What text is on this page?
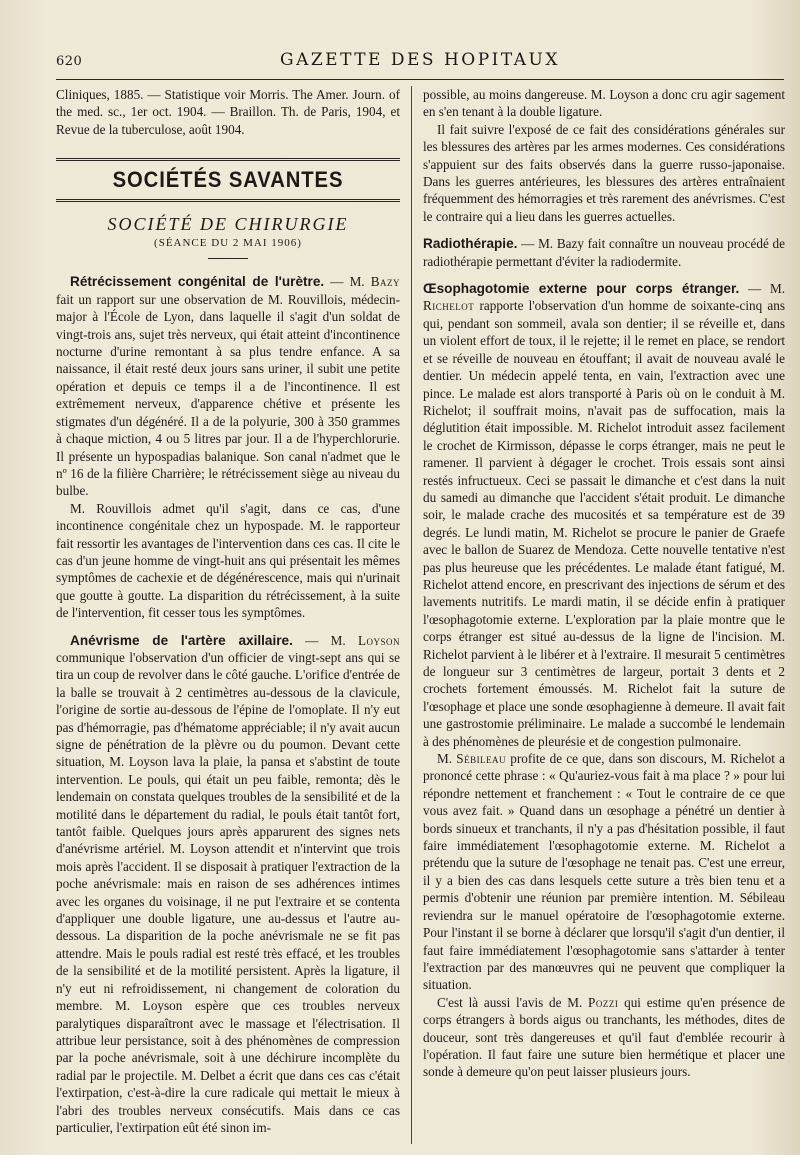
620	GAZETTE DES HOPITAUX

Cliniques, 1885. — Statistique voir Morris. The Amer. Journ. of the med. sc., 1er oct. 1904. — Braillon. Th. de Paris, 1904, et Revue de la tuberculose, août 1904.

SOCIÉTÉS SAVANTES
SOCIÉTÉ DE CHIRURGIE
(SÉANCE DU 2 MAI 1906)

Rétrécissement congénital de l'urètre. — M. Bazy fait un rapport sur une observation de M. Rouvillois, médecin-major à l'École de Lyon, dans laquelle il s'agit d'un soldat de vingt-trois ans, sujet très nerveux, qui était atteint d'incontinence nocturne d'urine remontant à sa plus tendre enfance. A sa naissance, il était resté deux jours sans uriner, il subit une petite opération et depuis ce temps il a de l'incontinence. Il est extrêmement nerveux, d'apparence chétive et présente les stigmates d'un dégénéré. Il a de la polyurie, 300 à 350 grammes à chaque miction, 4 ou 5 litres par jour. Il a de l'hyperchlorurie. Il présente un hypospadias balanique. Son canal n'admet que le nº 16 de la filière Charrière; le rétrécissement siège au niveau du bulbe.

M. Rouvillois admet qu'il s'agit, dans ce cas, d'une incontinence congénitale chez un hypospade. M. le rapporteur fait ressortir les avantages de l'intervention dans ces cas. Il cite le cas d'un jeune homme de vingt-huit ans qui présentait les mêmes symptômes de cachexie et de dégénérescence, mais qui n'urinait que goutte à goutte. La disparition du rétrécissement, à la suite de l'intervention, fit cesser tous les symptômes.

Anévrisme de l'artère axillaire. — M. Loyson communique l'observation d'un officier de vingt-sept ans qui se tira un coup de revolver dans le côté gauche. L'orifice d'entrée de la balle se trouvait à 2 centimètres au-dessous de la clavicule, l'origine de sortie au-dessous de l'épine de l'omoplate. Il n'y eut pas d'hémorragie, pas d'hématome appréciable; il n'y avait aucun signe de pénétration de la plèvre ou du poumon. Devant cette situation, M. Loyson lava la plaie, la pansa et s'abstint de toute intervention. Le pouls, qui était un peu faible, remonta; dès le lendemain on constata quelques troubles de la sensibilité et de la motilité dans le département du radial, le pouls était tantôt fort, tantôt faible. Quelques jours après apparurent des signes nets d'anévrisme artériel. M. Loyson attendit et n'intervint que trois mois après l'accident. Il se disposait à pratiquer l'extraction de la poche anévrismale: mais en raison de ses adhérences intimes avec les organes du voisinage, il ne put l'extraire et se contenta d'appliquer une double ligature, une au-dessus et l'autre au-dessous. La disparition de la poche anévrismale ne se fit pas attendre. Mais le pouls radial est resté très effacé, et les troubles de la sensibilité et de la motilité persistent. Après la ligature, il n'y eut ni refroidissement, ni changement de coloration du membre. M. Loyson espère que ces troubles nerveux paralytiques disparaîtront avec le massage et l'électrisation. Il attribue leur persistance, soit à des phénomènes de compression par la poche anévrismale, soit à une déchirure incomplète du radial par le projectile. M. Delbet a écrit que dans ces cas c'était l'extirpation, c'est-à-dire la cure radicale qui mettait le mieux à l'abri des troubles nerveux consécutifs. Mais dans ce cas particulier, l'extirpation eût été sinon im-

possible, au moins dangereuse. M. Loyson a donc cru agir sagement en s'en tenant à la double ligature.

Il fait suivre l'exposé de ce fait des considérations générales sur les blessures des artères par les armes modernes. Ces considérations s'appuient sur des faits observés dans la guerre russo-japonaise. Dans les guerres antérieures, les blessures des artères entraînaient fréquemment des hémorragies et très rarement des anévrismes. C'est le contraire qui a lieu dans les guerres actuelles.

Radiothérapie. — M. Bazy fait connaître un nouveau procédé de radiothérapie permettant d'éviter la radiodermite.

Œsophagotomie externe pour corps étranger. — M. Richelot rapporte l'observation d'un homme de soixante-cinq ans qui, pendant son sommeil, avala son dentier; il se réveille et, dans un violent effort de toux, il le rejette; il le remet en place, se rendort et se réveille de nouveau en étouffant; il avait de nouveau avalé le dentier. Un médecin appelé tenta, en vain, l'extraction avec une pince. Le malade est alors transporté à Paris où on le conduit à M. Richelot; il souffrait moins, n'avait pas de suffocation, mais la déglutition était impossible. M. Richelot introduit assez facilement le crochet de Kirmisson, dépasse le corps étranger, mais ne peut le ramener. Il parvient à dégager le crochet. Trois essais sont ainsi restés infructueux. Ceci se passait le dimanche et c'est dans la nuit du samedi au dimanche que l'accident s'était produit. Le dimanche soir, le malade crache des mucosités et sa température est de 39 degrés. Le lundi matin, M. Richelot se procure le panier de Graefe avec le ballon de Suarez de Mendoza. Cette nouvelle tentative n'est pas plus heureuse que les précédentes. Le malade étant fatigué, M. Richelot attend encore, en prescrivant des injections de sérum et des lavements nutritifs. Le mardi matin, il se décide enfin à pratiquer l'œsophagotomie externe. L'exploration par la plaie montre que le corps étranger est situé au-dessus de la ligne de l'incision. M. Richelot parvient à le libérer et à l'extraire. Il mesurait 5 centimètres de longueur sur 3 centimètres de largeur, portait 3 dents et 2 crochets fortement émoussés. M. Richelot fait la suture de l'œsophage et place une sonde œsophagienne à demeure. Il avait fait une gastrostomie préliminaire. Le malade a succombé le lendemain à des phénomènes de pleurésie et de congestion pulmonaire.

M. Sébileau profite de ce que, dans son discours, M. Richelot a prononcé cette phrase : « Qu'auriez-vous fait à ma place ? » pour lui répondre nettement et franchement : « Tout le contraire de ce que vous avez fait. » Quand dans un œsophage a pénétré un dentier à bords sinueux et tranchants, il n'y a pas d'hésitation possible, il faut faire immédiatement l'œsophagotomie externe. M. Richelot a prétendu que la suture de l'œsophage ne tenait pas. C'est une erreur, il y a bien des cas dans lesquels cette suture a très bien tenu et a permis d'obtenir une réunion par première intention. M. Sébileau reviendra sur le manuel opératoire de l'œsophagotomie externe. Pour l'instant il se borne à déclarer que lorsqu'il s'agit d'un dentier, il faut faire immédiatement l'œsophagotomie sans s'attarder à tenter l'extraction par des manœuvres qui ne peuvent que compliquer la situation.

C'est là aussi l'avis de M. Pozzi qui estime qu'en présence de corps étrangers à bords aigus ou tranchants, les méthodes, dites de douceur, sont très dangereuses et qu'il faut d'emblée recourir à l'opération. Il faut faire une suture bien hermétique et placer une sonde à demeure qu'on peut laisser plusieurs jours.
